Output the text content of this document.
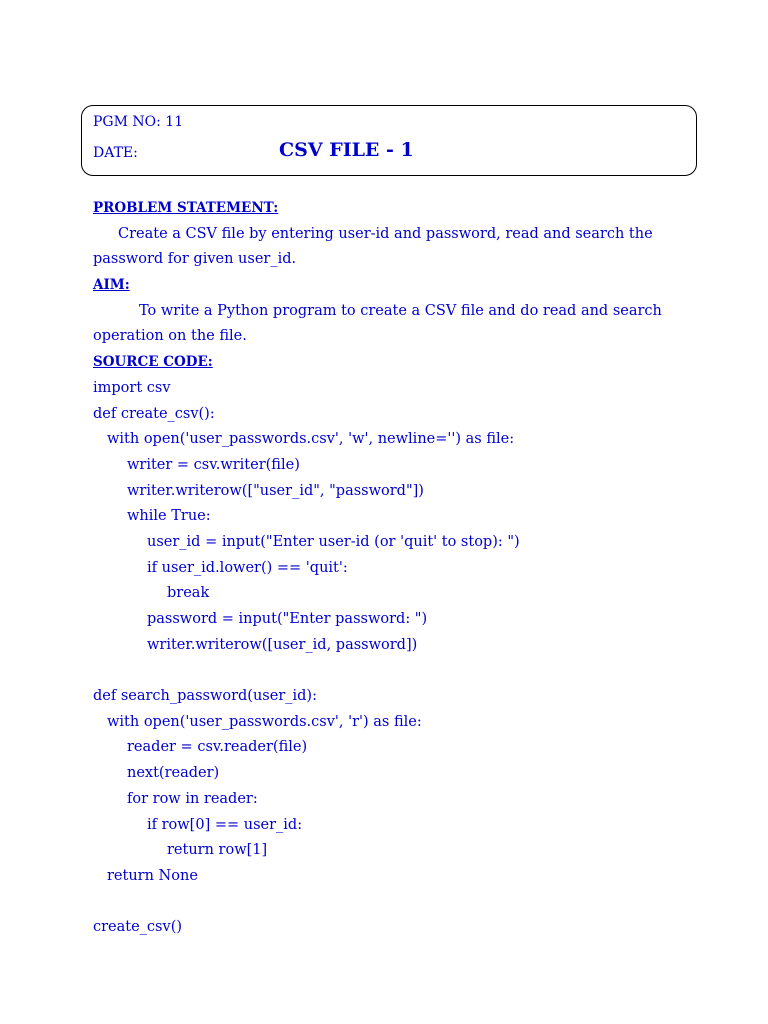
PGM NO: 11
DATE:	CSV FILE - 1
PROBLEM STATEMENT:
Create a CSV file by entering user-id and password, read and search the
password for given user_id.
AIM:
To write a Python program to create a CSV file and do read and search
operation on the file.
SOURCE CODE:
import csv
def create_csv():
with open('user_passwords.csv', 'w', newline='') as file:
writer = csv.writer(file)
writer.writerow(["user_id", "password"])
while True:
user_id = input("Enter user-id (or 'quit' to stop): ")
if user_id.lower() == 'quit':
break
password = input("Enter password: ")
writer.writerow([user_id, password])
def search_password(user_id):
with open('user_passwords.csv', 'r') as file:
reader = csv.reader(file)
next(reader)
for row in reader:
if row[0] == user_id:
return row[1]
return None
create_csv()
